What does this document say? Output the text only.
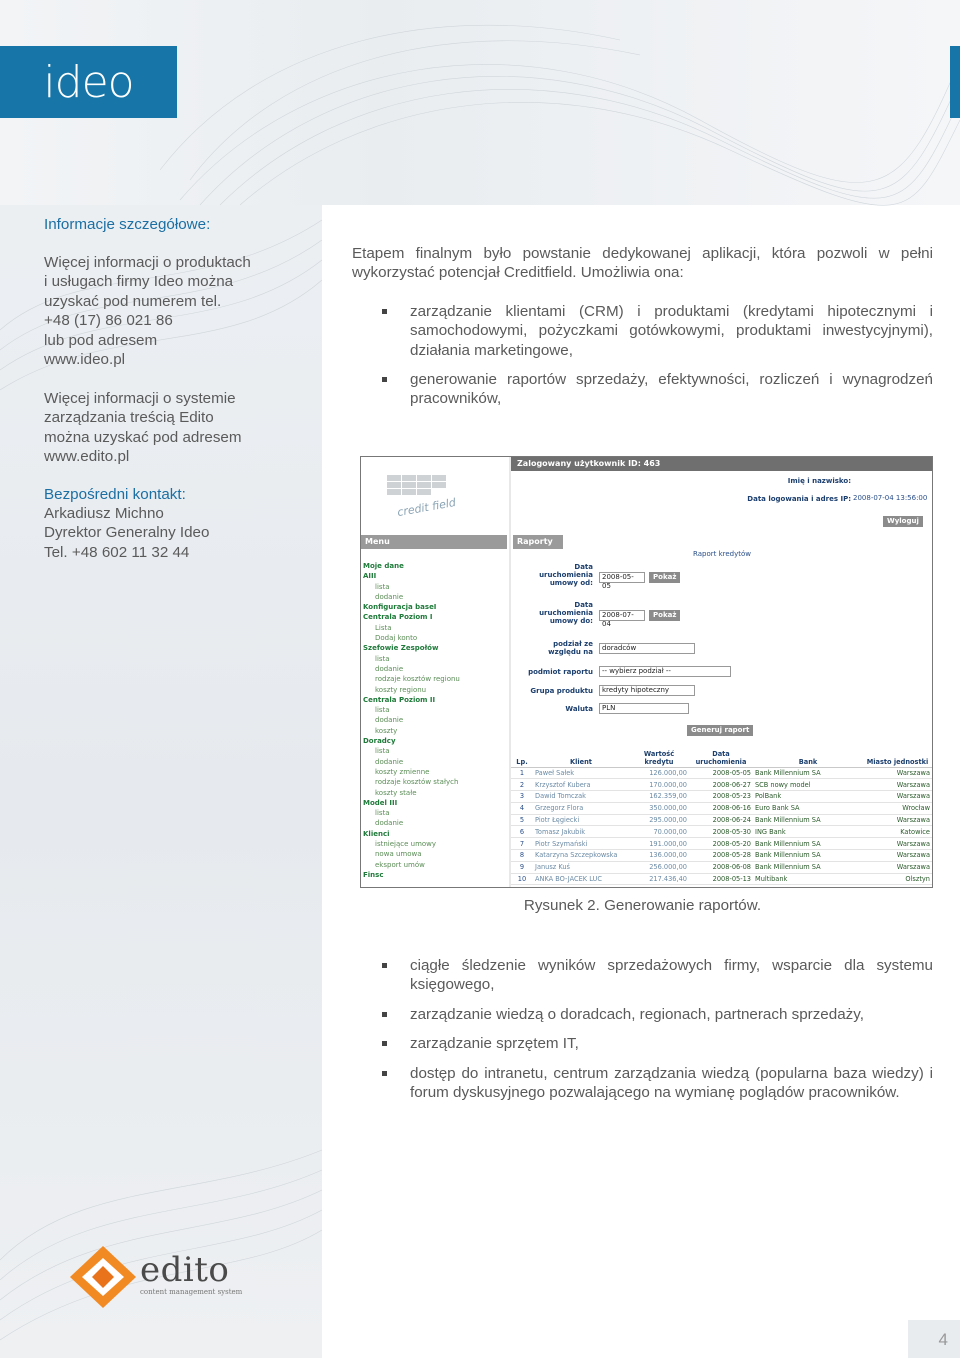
ideo
Informacje szczegółowe:
Więcej informacji o produktach
i usługach firmy Ideo można
uzyskać pod numerem tel.
+48 (17) 86 021 86
lub pod adresem
www.ideo.pl
Więcej informacji o systemie
zarządzania treścią Edito
można uzyskać pod adresem
www.edito.pl
Bezpośredni kontakt:
Arkadiusz Michno
Dyrektor Generalny Ideo
Tel. +48 602 11 32 44

Etapem finalnym było powstanie dedykowanej aplikacji, która pozwoli w pełni wykorzystać potencjał Creditfield. Umożliwia ona:

zarządzanie klientami (CRM) i produktami (kredytami hipotecznymi i samochodowymi, pożyczkami gotówkowymi, produktami inwestycyjnymi), działania marketingowe,
generowanie raportów sprzedaży, efektywności, rozliczeń i wynagrodzeń pracowników,
Zalogowany użytkownik ID: 463
credit field
Imię i nazwisko:
Data logowania i adres IP: 2008-07-04 13:56:00
Wyloguj
Menu	Raporty
Raport kredytów
Moje dane
AIII
lista
dodanie
Konfiguracja baseI
Centrala Poziom I
Lista
Dodaj konto
Szefowie Zespołów
lista
dodanie
rodzaje kosztów regionu
koszty regionu
Centrala Poziom II
lista
dodanie
koszty
Doradcy
lista
dodanie
koszty zmienne
rodzaje kosztów stałych
koszty stałe
Model III
lista
dodanie
Klienci
istniejące umowy
nowa umowa
eksport umów
Finsc
Data uruchomienia umowy od:
2008-05-05
Pokaż
Data uruchomienia umowy do:
2008-07-04
Pokaż
podział ze względu na	doradców
podmiot raportu	-- wybierz podział --
Grupa produktu	kredyty hipoteczny
Waluta	PLN
Generuj raport
Lp.	Klient	Wartość kredytu	Data uruchomienia	Bank	Miasto jednostki
1	Paweł Sałek	126.000,00	2008-05-05	Bank Millennium SA	Warszawa
2	Krzysztof Kubera	170.000,00	2008-06-27	SCB nowy model	Warszawa
3	Dawid Tomczak	162.359,00	2008-05-23	PolBank	Warszawa
4	Grzegorz Flora	350.000,00	2008-06-16	Euro Bank SA	Wrocław
5	Piotr Łęgiecki	295.000,00	2008-06-24	Bank Millennium SA	Warszawa
6	Tomasz Jakubik	70.000,00	2008-05-30	ING Bank	Katowice
7	Piotr Szymański	191.000,00	2008-05-20	Bank Millennium SA	Warszawa
8	Katarzyna Szczepkowska	136.000,00	2008-05-28	Bank Millennium SA	Warszawa
9	Janusz Kuś	256.000,00	2008-06-08	Bank Millennium SA	Warszawa
10	ANKA BO-JACEK LUC	217.436,40	2008-05-13	Multibank	Olsztyn
Rysunek 2. Generowanie raportów.
ciągłe śledzenie wyników sprzedażowych firmy, wsparcie dla systemu księgowego,
zarządzanie wiedzą o doradcach, regionach, partnerach sprzedaży,
zarządzanie sprzętem IT,
dostęp do intranetu, centrum zarządzania wiedzą (popularna baza wiedzy) i forum dyskusyjnego pozwalającego na wymianę poglądów pracowników.
edito
content management system
4
